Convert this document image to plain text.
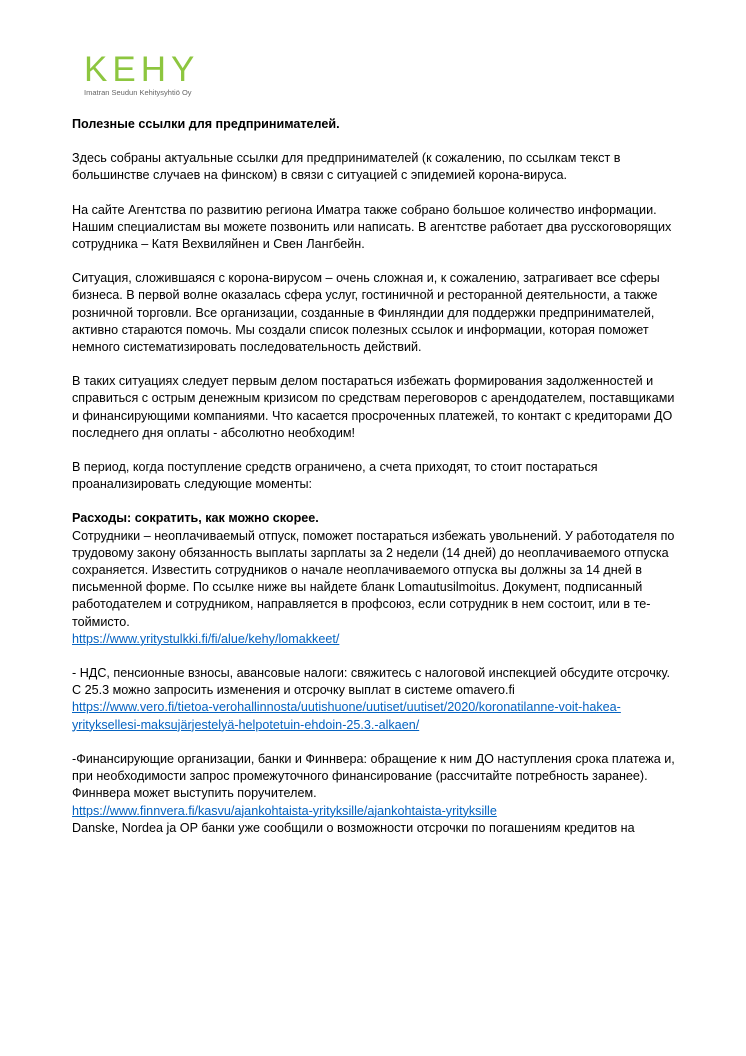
KEHY
Imatran Seudun Kehitysyhtiö Oy

Полезные ссылки для предпринимателей.

Здесь собраны актуальные ссылки для предпринимателей (к сожалению, по ссылкам текст в большинстве случаев на финском) в связи с ситуацией с эпидемией корона-вируса.

На сайте Агентства по развитию региона Иматра также собрано большое количество информации. Нашим специалистам вы можете позвонить или написать. В агентстве работает два русскоговорящих сотрудника – Катя Вехвиляйнен и Свен Лангбейн.

Ситуация, сложившаяся с корона-вирусом – очень сложная и, к сожалению, затрагивает все сферы бизнеса. В первой волне оказалась сфера услуг, гостиничной и ресторанной деятельности, а также розничной торговли. Все организации, созданные в Финляндии для поддержки предпринимателей, активно стараются помочь. Мы создали список полезных ссылок и информации, которая поможет немного систематизировать последовательность действий.

В таких ситуациях следует первым делом постараться избежать формирования задолженностей и справиться с острым денежным кризисом по средствам переговоров с арендодателем, поставщиками и финансирующими компаниями. Что касается просроченных платежей, то контакт с кредиторами ДО последнего дня оплаты - абсолютно необходим!

В период, когда поступление средств ограничено, а счета приходят, то стоит постараться проанализировать следующие моменты:

Расходы: сократить, как можно скорее.

Сотрудники – неоплачиваемый отпуск, поможет постараться избежать увольнений. У работодателя по трудовому закону обязанность выплаты зарплаты за 2 недели (14 дней) до неоплачиваемого отпуска сохраняется. Известить сотрудников о начале неоплачиваемого отпуска вы должны за 14 дней в письменной форме. По ссылке ниже вы найдете бланк Lomautusilmoitus. Документ, подписанный работодателем и сотрудником, направляется в профсоюз, если сотрудник в нем состоит, или в те-тоймисто.

https://www.yritystulkki.fi/fi/alue/kehy/lomakkeet/

- НДС, пенсионные взносы, авансовые налоги: свяжитесь с налоговой инспекцией обсудите отсрочку. С 25.3 можно запросить изменения и отсрочку выплат в системе omavero.fi

https://www.vero.fi/tietoa-verohallinnosta/uutishuone/uutiset/uutiset/2020/koronatilanne-voit-hakea-yrityksellesi-maksujärjestelyä-helpotetuin-ehdoin-25.3.-alkaen/

-Финансирующие организации, банки и Финнвера: обращение к ним ДО наступления срока платежа и, при необходимости запрос промежуточного финансирование (рассчитайте потребность заранее). Финнвера может выступить поручителем.

https://www.finnvera.fi/kasvu/ajankohtaista-yrityksille/ajankohtaista-yrityksille

Danske, Nordea ja OP банки уже сообщили о возможности отсрочки по погашениям кредитов на
